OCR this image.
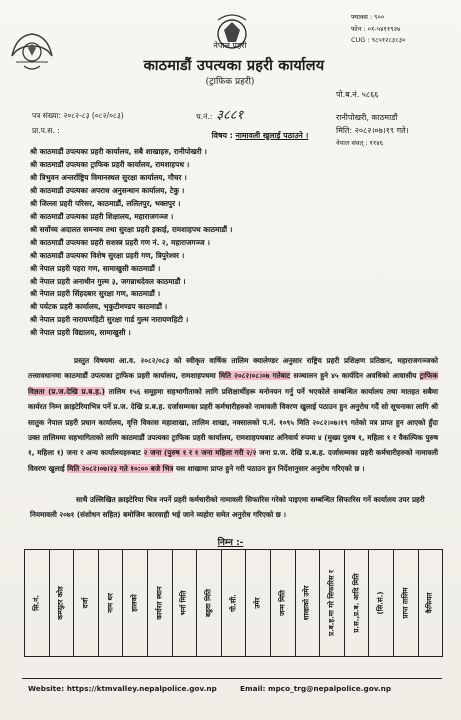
नेपाल प्रहरी
काठमाडौं उपत्यका प्रहरी कार्यालय
(ट्राफिक प्रहरी)
फ्याक्स : ९००
फोन : ०१-५४११९२७
CUG : ९८५१२८३८३०
पो.ब.नं. ५८६६
रानीपोखरी, काठमाडौं
मिति: २०८२।०७।१९ गते।
नेपाल संवत् : ११४६
पत्र संख्या: २०८२-८३ (०८२/०८३)
प्रा.प.स. :
च.नं.: ३८८१
विषय : नामावली खुलाई पठाउने ।
श्री काठमाडौं उपत्यका प्रहरी कार्यालय, सबै शाखाहरु, रानीपोखरी ।
श्री काठमाडौं उपत्यका ट्राफिक प्रहरी कार्यालय, रामशाहपथ ।
श्री त्रिभुवन अन्तर्राष्ट्रिय विमानस्थल सुरक्षा कार्यालय, गौचर ।
श्री काठमाडौं उपत्यका अपराध अनुसन्धान कार्यालय, टेकु ।
श्री जिल्ला प्रहरी परिसर, काठमाडौं, ललितपुर, भक्तपुर ।
श्री काठमाडौं उपत्यका प्रहरी शिक्षालय, महाराजगञ्ज ।
श्री सर्वोच्च अदालत समन्वय तथा सुरक्षा प्रहरी इकाई, रामशाहपथ काठमाडौं ।
श्री काठमाडौं उपत्यका प्रहरी सशस्त्र प्रहरी गण नं. २, महाराजगञ्ज ।
श्री काठमाडौं उपत्यका विशेष सुरक्षा प्रहरी गण, त्रिपुरेश्वर ।
श्री नेपाल प्रहरी पहरा गण, सामाखुसी काठमाडौं ।
श्री नेपाल प्रहरी अनाथीन गुल्म ३, जगन्नाथदेवल काठमाडौं ।
श्री नेपाल प्रहरी सिंहदबार सुरक्षा गण, काठमाडौं ।
श्री पर्यटक प्रहरी कार्यालय, भृकुटीमण्डप काठमाडौं ।
श्री नेपाल प्रहरी नारायणहिटी सुरक्षा गार्ड गुल्म नारायणहिटी ।
श्री नेपाल प्रहरी विद्यालय, सामाखुसी ।

प्रस्तुत विषयमा आ.व. २०८२/०८३ को स्वीकृत वार्षिक तालिम क्यालेण्डर अनुसार राष्ट्रिय प्रहरी प्रशिक्षण प्रतिष्ठान, महाराजगञ्जको तत्त्वावधानमा काठमाडौं उपत्यका ट्राफिक प्रहरी कार्यालय, रामशाहपथमा मिति २०८२।०८।०७ गतेबाट सञ्चालन हुने ४५ कार्यदिन अवधिको आवासीय ट्राफिक विज्ञता (प्र.ज.देखि प्र.ब.ह.) तालिम १५६ समूहमा सहभागीताको लागि प्रशिक्षार्थीहरू मनोनयन गर्नु पर्ने भएकोले सम्बन्धित कार्यालय तथा मातहत सबैमा कार्यरत निम्न क्राइटेरियाभित्र पर्ने प्र.ज. देखि प्र.ब.ह. दर्जासम्मका प्रहरी कर्मचारीहरुको नामावली विवरण खुलाई पठाउन हुन अनुरोध गर्दै सो सूचनाका लागि श्री सातुक नेपाल प्रहरी प्रधान कार्यालय, वृत्ति विकास महाशाखा, तालिम शाखा, नक्सालको प.नं. १०९५ मिति २०८२।०७।१९ गतेको पत्र प्राप्त हुन आएको हुँदा उक्त तालिममा सहभागिताको लागि काठमाडौं उपत्यका ट्राफिक प्रहरी कार्यालय, रामशाहपथबाट अनिवार्य रुपमा ४ (मुख्य पुरुष १, महिला १ र वैकल्पिक पुरुष १, महिला १) जना र अन्य कार्यालयहरुबाट २ जना (पुरुष १ र १ जना महिला गरी २/२ जना प्र.ज. देखि प्र.ब.ह. दर्जासम्मका प्रहरी कर्मचारीहरुको नामावली विवरण खुलाई मिति २०८२।०७।२३ गते १०:०० बजे भित्र यस शाखामा प्राप्त हुने गरी पठाउन हुन निर्देशानुसार अनुरोध गरिएको छ ।

साथै उल्लिखित क्राइटेरिया भित्र नपर्ने प्रहरी कर्मचारीको नामावली सिफारिस गरेको पाइएमा सम्बन्धित सिफारिस गर्ने कार्यालय उपर प्रहरी नियमावली २०७१ (संशोधन सहित) बमोजिम कारवाही भई जाने व्यहोरा समेत अनुरोध गरिएको छ ।

निम्न :-
सि.नं. कम्प्युटर कोड दर्जा नाम थर हालको कार्यरत स्थान भर्ना मिति बढुवा मिति पी.सी. उमेर जन्म मिति शाखाको उमेर प्र.ब.ह.मा गरे सिफारिस र प्र.स.,प्र.ब. आदि मिति (सि.सं.) प्राप्त तालिम कैफियत
Website: https://ktmvalley.nepalpolice.gov.np	Email: mpco_trg@nepalpolice.gov.np
